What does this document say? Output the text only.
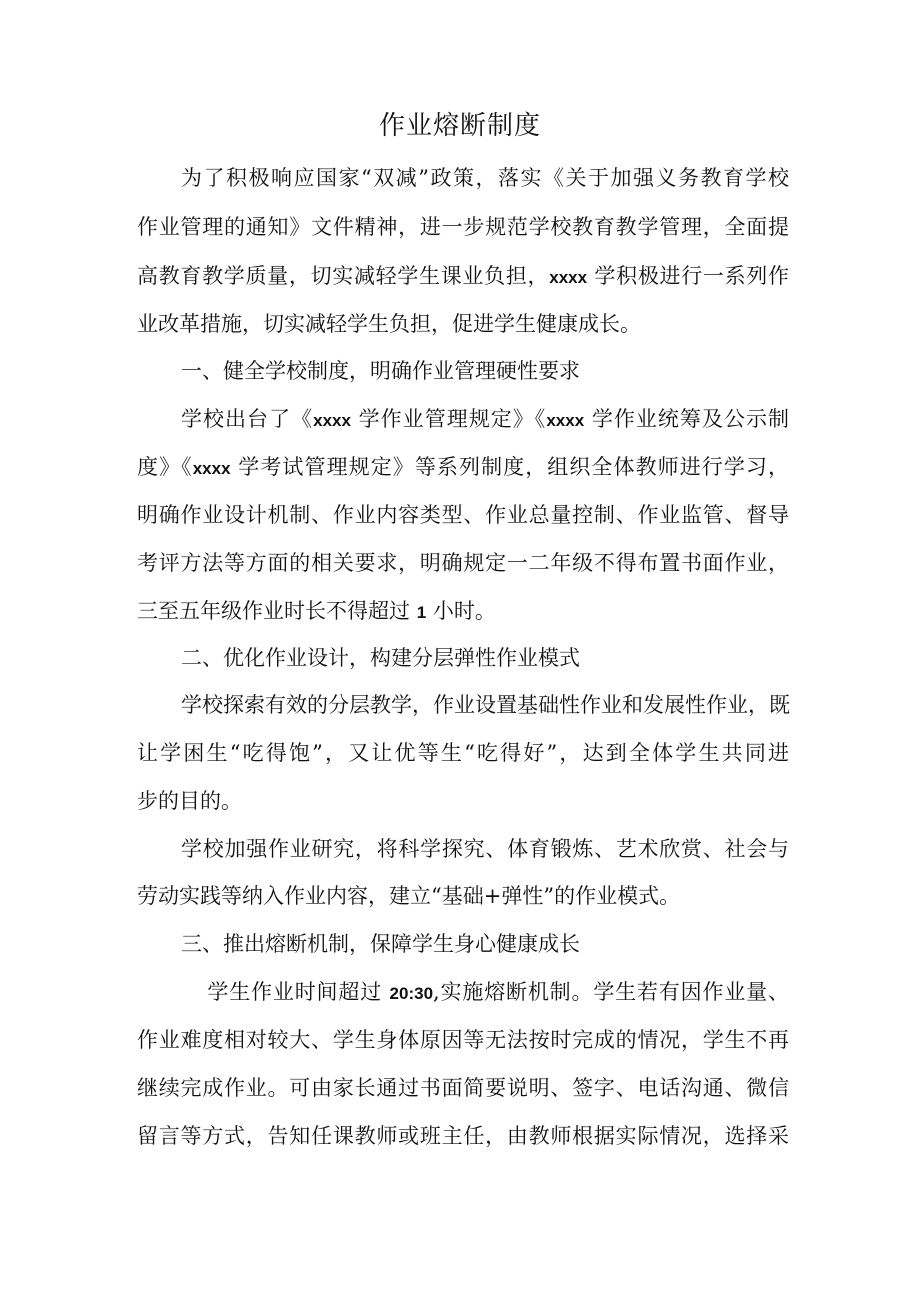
作业熔断制度
为了积极响应国家“双减”政策，落实《关于加强义务教育学校
作业管理的通知》文件精神，进一步规范学校教育教学管理，全面提
高教育教学质量，切实减轻学生课业负担，xxxx 学积极进行一系列作
业改革措施，切实减轻学生负担，促进学生健康成长。
一、健全学校制度，明确作业管理硬性要求
学校出台了《xxxx 学作业管理规定》《xxxx 学作业统筹及公示制
度》《xxxx 学考试管理规定》等系列制度，组织全体教师进行学习，
明确作业设计机制、作业内容类型、作业总量控制、作业监管、督导
考评方法等方面的相关要求，明确规定一二年级不得布置书面作业，
三至五年级作业时长不得超过 1 小时。
二、优化作业设计，构建分层弹性作业模式
学校探索有效的分层教学，作业设置基础性作业和发展性作业，既
让学困生“吃得饱”，又让优等生“吃得好”，达到全体学生共同进
步的目的。
学校加强作业研究，将科学探究、体育锻炼、艺术欣赏、社会与
劳动实践等纳入作业内容，建立“基础+弹性”的作业模式。
三、推出熔断机制，保障学生身心健康成长
学生作业时间超过 20:30,实施熔断机制。学生若有因作业量、
作业难度相对较大、学生身体原因等无法按时完成的情况，学生不再
继续完成作业。可由家长通过书面简要说明、签字、电话沟通、微信
留言等方式，告知任课教师或班主任，由教师根据实际情况，选择采
